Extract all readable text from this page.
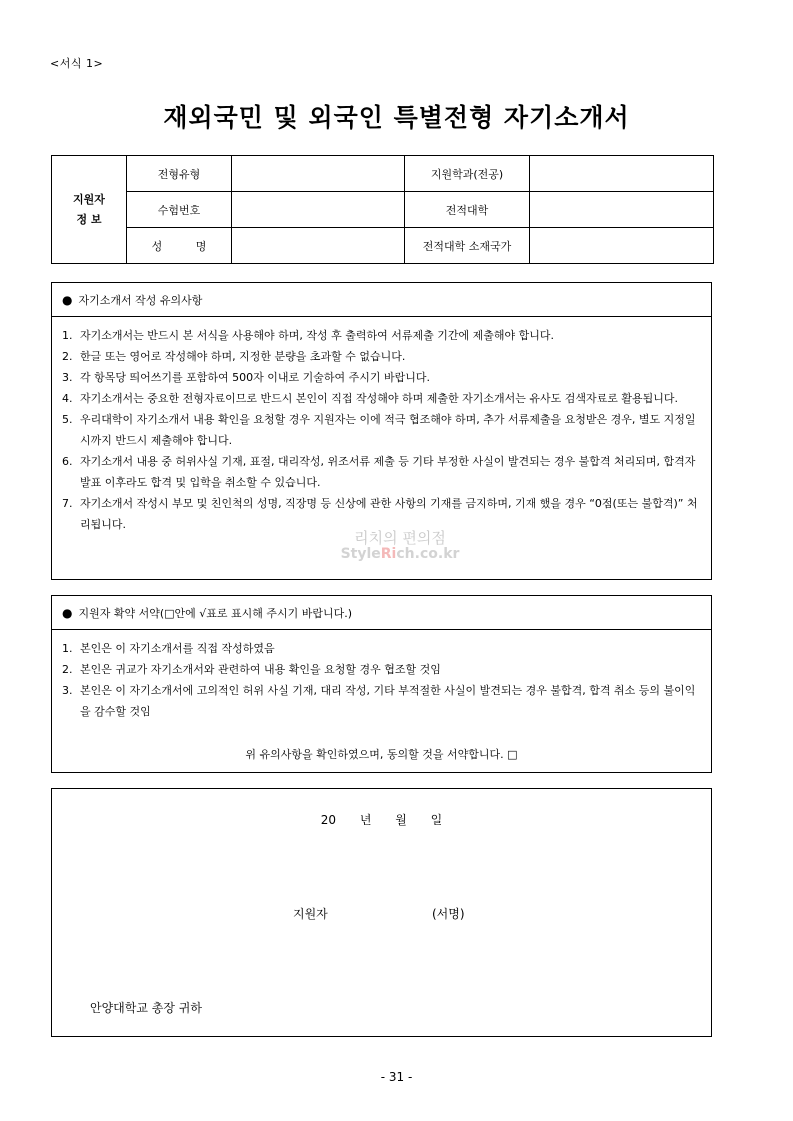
<서식 1>
재외국민 및 외국인 특별전형 자기소개서
지원자
정 보	전형유형		지원학과(전공)	
	수험번호		전적대학	
	성 명		전적대학 소재국가	
● 자기소개서 작성 유의사항
1. 자기소개서는 반드시 본 서식을 사용해야 하며, 작성 후 출력하여 서류제출 기간에 제출해야 합니다.
2. 한글 또는 영어로 작성해야 하며, 지정한 분량을 초과할 수 없습니다.
3. 각 항목당 띄어쓰기를 포함하여 500자 이내로 기술하여 주시기 바랍니다.
4. 자기소개서는 중요한 전형자료이므로 반드시 본인이 직접 작성해야 하며 제출한 자기소개서는 유사도 검색자료로 활용됩니다.
5. 우리대학이 자기소개서 내용 확인을 요청할 경우 지원자는 이에 적극 협조해야 하며, 추가 서류제출을 요청받은 경우, 별도 지정일시까지 반드시 제출해야 합니다.
6. 자기소개서 내용 중 허위사실 기재, 표절, 대리작성, 위조서류 제출 등 기타 부정한 사실이 발견되는 경우 불합격 처리되며, 합격자 발표 이후라도 합격 및 입학을 취소할 수 있습니다.
7. 자기소개서 작성시 부모 및 친인척의 성명, 직장명 등 신상에 관한 사항의 기재를 금지하며, 기재 했을 경우 “0점(또는 불합격)” 처리됩니다.
리치의 편의점
StyleRich.co.kr
● 지원자 확약 서약(□안에 √표로 표시해 주시기 바랍니다.)
1. 본인은 이 자기소개서를 직접 작성하였음
2. 본인은 귀교가 자기소개서와 관련하여 내용 확인을 요청할 경우 협조할 것임
3. 본인은 이 자기소개서에 고의적인 허위 사실 기재, 대리 작성, 기타 부적절한 사실이 발견되는 경우 불합격, 합격 취소 등의 불이익을 감수할 것임
위 유의사항을 확인하였으며, 동의할 것을 서약합니다. □
20 년 월 일
지원자	(서명)
안양대학교 총장 귀하
- 31 -
